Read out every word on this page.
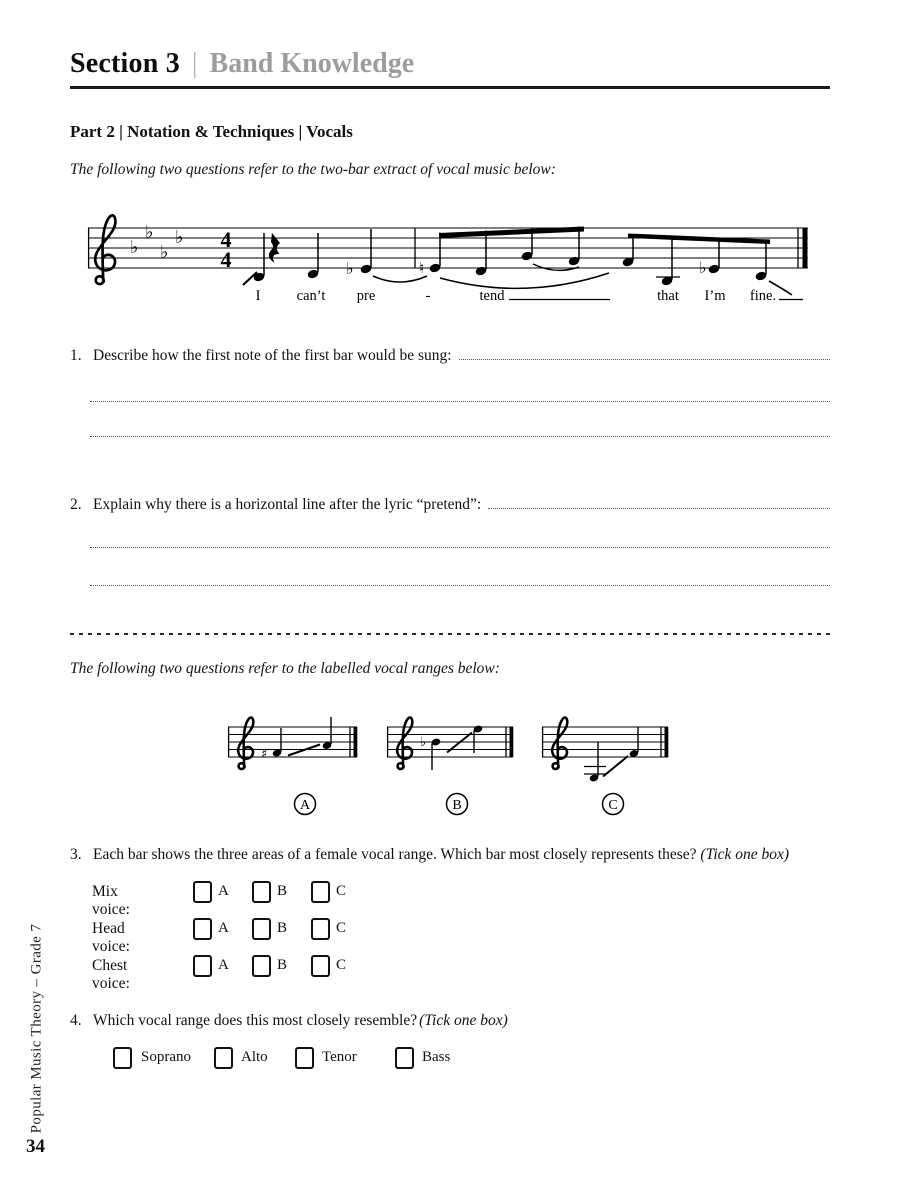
Section 3 | Band Knowledge
Part 2 | Notation & Techniques | Vocals
The following two questions refer to the two-bar extract of vocal music below:
♭
♭
♭
♭ 4
4	♭	♮	♭
I can’t pre	-	tend	that I’m fine.
1. Describe how the first note of the first bar would be sung:
2. Explain why there is a horizontal line after the lyric “pretend”:
The following two questions refer to the labelled vocal ranges below:
♯
♭
A	B	C
3. Each bar shows the three areas of a female vocal range. Which bar most closely represents these? (Tick one box)
Mix voice:
A	B	C
Head voice:
A	B	C
Chest voice:
A	B	C
4. Which vocal range does this most closely resemble? (Tick one box)
Soprano	Alto	Tenor	Bass
Popular Music Theory – Grade 7
34
